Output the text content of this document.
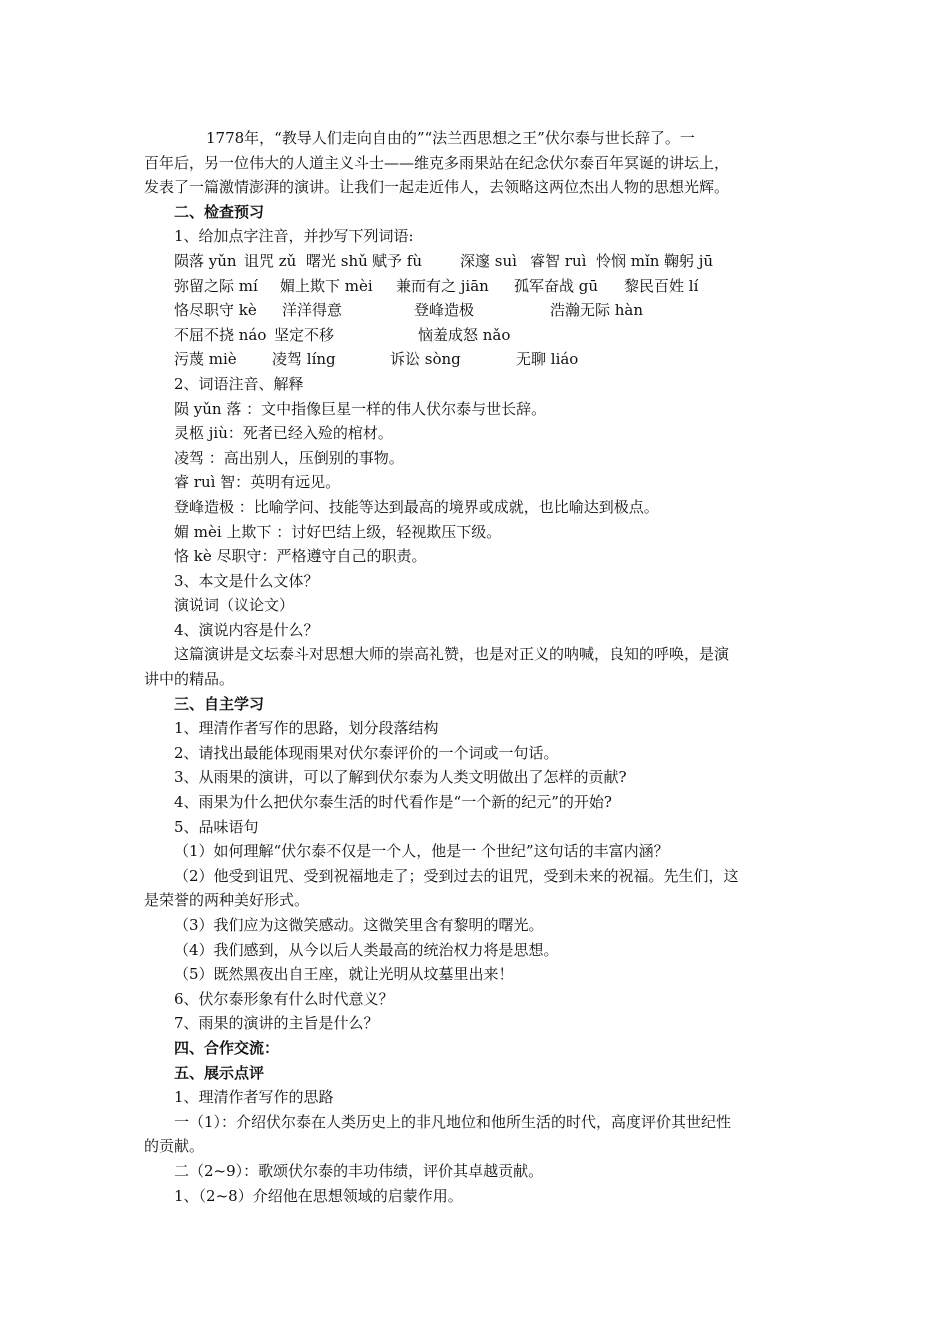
1778年，“教导人们走向自由的”“法兰西思想之王”伏尔泰与世长辞了。一

百年后，另一位伟大的人道主义斗士——维克多雨果站在纪念伏尔泰百年冥诞的讲坛上，

发表了一篇激情澎湃的演讲。让我们一起走近伟人，去领略这两位杰出人物的思想光辉。

二、检查预习

1、给加点字注音，并抄写下列词语:

陨落 yǔn 诅咒 zǔ 曙光 shǔ 赋予 fù	深邃 suì 睿智 ruì 怜悯 mǐn 鞠躬 jū
弥留之际 mí 媚上欺下 mèi 兼而有之 jiān 孤军奋战 gū 黎民百姓 lí
恪尽职守 kè 洋洋得意	登峰造极	浩瀚无际 hàn
不屈不挠 náo 坚定不移	恼羞成怒 nǎo
污蔑 miè 凌驾 líng	诉讼 sòng	无聊 liáo

2、词语注音、解释

陨 yǔn 落 ：文中指像巨星一样的伟人伏尔泰与世长辞。

灵柩 jiù：死者已经入殓的棺材。

凌驾 ：高出别人，压倒别的事物。

睿 ruì 智：英明有远见。

登峰造极 ：比喻学问、技能等达到最高的境界或成就，也比喻达到极点。

媚 mèi 上欺下 ：讨好巴结上级，轻视欺压下级。

恪 kè 尽职守：严格遵守自己的职责。

3、本文是什么文体？

演说词（议论文）

4、演说内容是什么？

这篇演讲是文坛泰斗对思想大师的崇高礼赞，也是对正义的呐喊，良知的呼唤，是演

讲中的精品。

三、自主学习

1、理清作者写作的思路，划分段落结构

2、请找出最能体现雨果对伏尔泰评价的一个词或一句话。

3、从雨果的演讲，可以了解到伏尔泰为人类文明做出了怎样的贡献?

4、雨果为什么把伏尔泰生活的时代看作是“一个新的纪元”的开始?

5、品味语句

（1）如何理解“伏尔泰不仅是一个人，他是一 个世纪”这句话的丰富内涵？

（2）他受到诅咒、受到祝福地走了；受到过去的诅咒，受到未来的祝福。先生们，这

是荣誉的两种美好形式。

（3）我们应为这微笑感动。这微笑里含有黎明的曙光。

（4）我们感到，从今以后人类最高的统治权力将是思想。

（5）既然黑夜出自王座，就让光明从坟墓里出来！

6、伏尔泰形象有什么时代意义？

7、雨果的演讲的主旨是什么？

四、合作交流：

五、展示点评

1、理清作者写作的思路

一（1）：介绍伏尔泰在人类历史上的非凡地位和他所生活的时代，高度评价其世纪性

的贡献。

二（2~9）：歌颂伏尔泰的丰功伟绩，评价其卓越贡献。

1、（2~8）介绍他在思想领域的启蒙作用。
